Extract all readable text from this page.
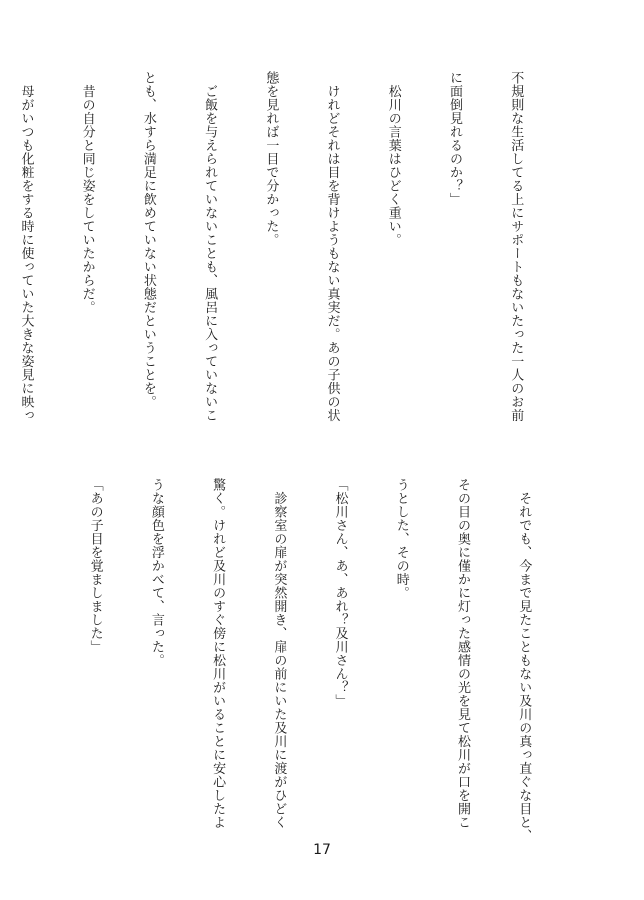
不規則な生活してる上にサポートもないたった一人のお前

に面倒見れるのか？」

　松川の言葉はひどく重い。

　けれどそれは目を背けようもない真実だ。あの子供の状

態を見れば一目で分かった。

　ご飯を与えられていないことも、風呂に入っていないこ

とも、水すら満足に飲めていない状態だということを。

　昔の自分と同じ姿をしていたからだ。

　母がいつも化粧をする時に使っていた大きな姿見に映っ

　それでも、今まで見たこともない及川の真っ直ぐな目と、

その目の奥に僅かに灯った感情の光を見て松川が口を開こ

うとした、その時。

「松川さん、あ、あれ？及川さん？」

　診察室の扉が突然開き、扉の前にいた及川に渡がひどく

驚く。けれど及川のすぐ傍に松川がいることに安心したよ

うな顔色を浮かべて、言った。

「あの子目を覚ましました」

17
